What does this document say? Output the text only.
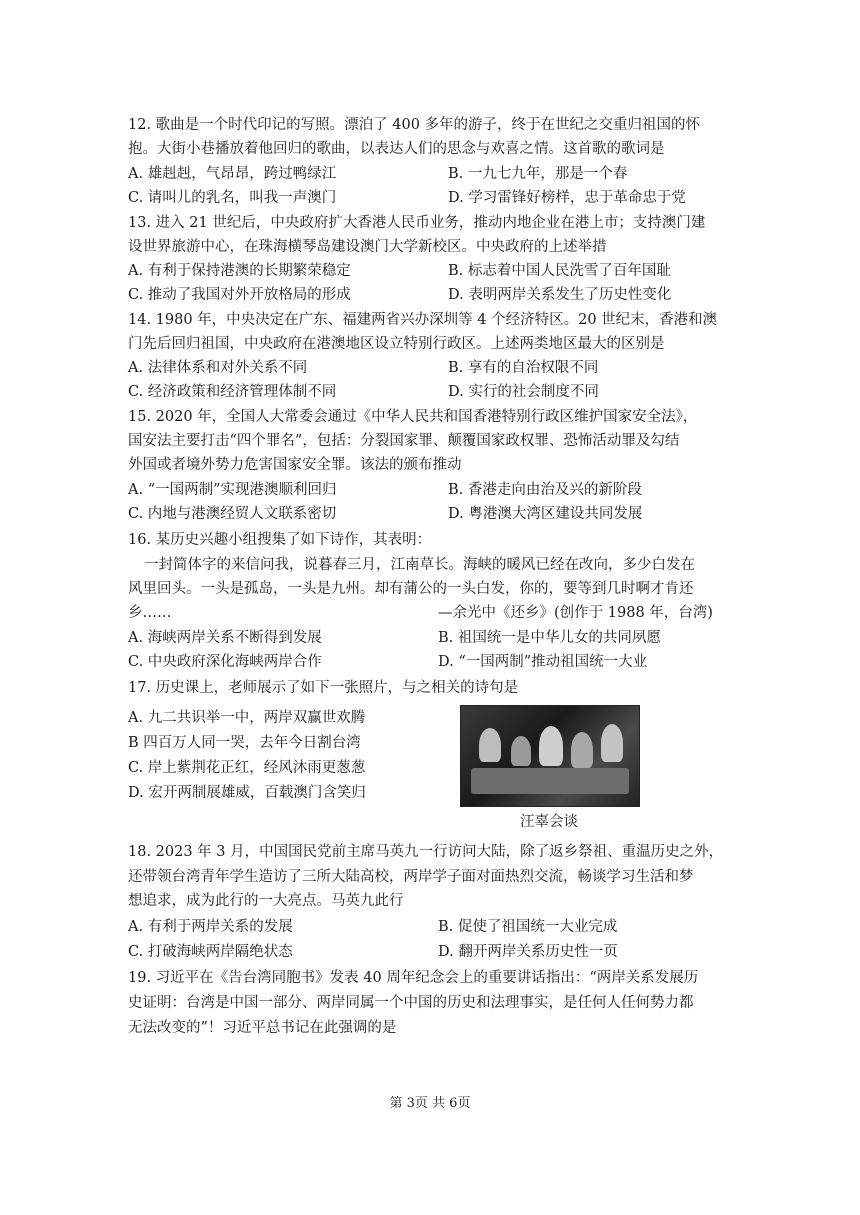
12. 歌曲是一个时代印记的写照。漂泊了 400 多年的游子，终于在世纪之交重归祖国的怀
抱。大街小巷播放着他回归的歌曲，以表达人们的思念与欢喜之情。这首歌的歌词是
A. 雄赳赳，气昂昂，跨过鸭绿江	B. 一九七九年，那是一个春
C. 请叫儿的乳名，叫我一声澳门	D. 学习雷锋好榜样，忠于革命忠于党
13. 进入 21 世纪后，中央政府扩大香港人民币业务，推动内地企业在港上市；支持澳门建
设世界旅游中心，在珠海横琴岛建设澳门大学新校区。中央政府的上述举措
A. 有利于保持港澳的长期繁荣稳定	B. 标志着中国人民洗雪了百年国耻
C. 推动了我国对外开放格局的形成	D. 表明两岸关系发生了历史性变化
14. 1980 年，中央决定在广东、福建两省兴办深圳等 4 个经济特区。20 世纪末，香港和澳
门先后回归祖国，中央政府在港澳地区设立特别行政区。上述两类地区最大的区别是
A. 法律体系和对外关系不同	B. 享有的自治权限不同
C. 经济政策和经济管理体制不同	D. 实行的社会制度不同
15. 2020 年，全国人大常委会通过《中华人民共和国香港特别行政区维护国家安全法》，
国安法主要打击“四个罪名”，包括：分裂国家罪、颠覆国家政权罪、恐怖活动罪及勾结
外国或者境外势力危害国家安全罪。该法的颁布推动
A. “一国两制”实现港澳顺利回归	B. 香港走向由治及兴的新阶段
C. 内地与港澳经贸人文联系密切	D. 粤港澳大湾区建设共同发展
16. 某历史兴趣小组搜集了如下诗作，其表明：
一封简体字的来信问我，说暮春三月，江南草长。海峡的暖风已经在改向，多少白发在
风里回头。一头是孤岛，一头是九州。却有蒲公的一头白发，你的，要等到几时啊才肯还
乡……	—余光中《还乡》(创作于 1988 年，台湾)
A. 海峡两岸关系不断得到发展	B. 祖国统一是中华儿女的共同夙愿
C. 中央政府深化海峡两岸合作	D. “一国两制”推动祖国统一大业
17. 历史课上，老师展示了如下一张照片，与之相关的诗句是
A. 九二共识举一中，两岸双赢世欢腾
B 四百万人同一哭，去年今日割台湾
C. 岸上紫荆花正红，经风沐雨更葱葱
D. 宏开两制展雄威，百载澳门含笑归
汪辜会谈
18. 2023 年 3 月，中国国民党前主席马英九一行访问大陆，除了返乡祭祖、重温历史之外，
还带领台湾青年学生造访了三所大陆高校，两岸学子面对面热烈交流，畅谈学习生活和梦
想追求，成为此行的一大亮点。马英九此行
A. 有利于两岸关系的发展	B. 促使了祖国统一大业完成
C. 打破海峡两岸隔绝状态	D. 翻开两岸关系历史性一页
19. 习近平在《告台湾同胞书》发表 40 周年纪念会上的重要讲话指出：“两岸关系发展历
史证明：台湾是中国一部分、两岸同属一个中国的历史和法理事实，是任何人任何势力都
无法改变的”！习近平总书记在此强调的是
第 3页 共 6页
